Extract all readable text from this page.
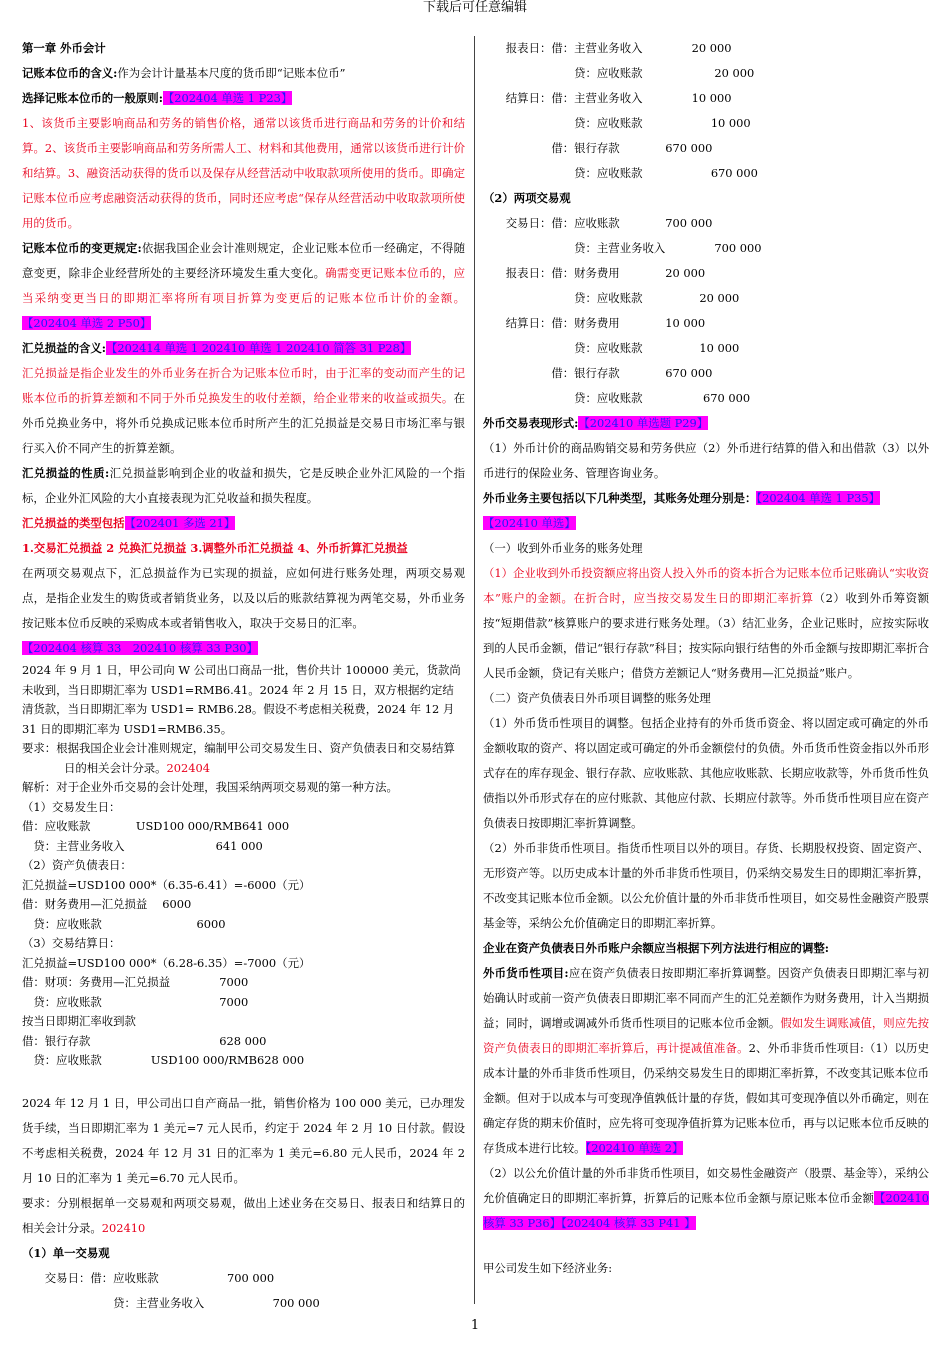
下载后可任意编辑

第一章 外币会计

记账本位币的含义:作为会计计量基本尺度的货币即“记账本位币”

选择记账本位币的一般原则:【202404 单选 1 P23】

1、该货币主要影响商品和劳务的销售价格，通常以该货币进行商品和劳务的计价和结算。2、该货币主要影响商品和劳务所需人工、材料和其他费用，通常以该货币进行计价和结算。3、融资活动获得的货币以及保存从经营活动中收取款项所使用的货币。即确定记账本位币应考虑融资活动获得的货币，同时还应考虑“保存从经营活动中收取款项所使用的货币。

记账本位币的变更规定:依据我国企业会计准则规定，企业记账本位币一经确定，不得随意变更，除非企业经营所处的主要经济环境发生重大变化。确需变更记账本位币的，应当采纳变更当日的即期汇率将所有项目折算为变更后的记账本位币计价的金额。【202404 单选 2 P50】

汇兑损益的含义:【202414 单选 1 202410 单选 1 202410 简答 31 P28】

汇兑损益是指企业发生的外币业务在折合为记账本位币时，由于汇率的变动而产生的记账本位币的折算差额和不同于外币兑换发生的收付差额，给企业带来的收益或损失。在外币兑换业务中，将外币兑换成记账本位币时所产生的汇兑损益是交易日市场汇率与银行买入价不同产生的折算差额。

汇兑损益的性质:汇兑损益影响到企业的收益和损失，它是反映企业外汇风险的一个指标，企业外汇风险的大小直接表现为汇兑收益和损失程度。

汇兑损益的类型包括【202401 多选 21】

1.交易汇兑损益 2 兑换汇兑损益 3.调整外币汇兑损益 4、外币折算汇兑损益

在两项交易观点下，汇总损益作为已实现的损益，应如何进行账务处理，两项交易观点，是指企业发生的购货或者销货业务，以及以后的账款结算视为两笔交易，外币业务按记账本位币反映的采购成本或者销售收入，取决于交易日的汇率。

【202404 核算 33　202410 核算 33 P30】

2024 年 9 月 1 日，甲公司向 W 公司出口商品一批，售价共计 100000 美元，货款尚未收到，当日即期汇率为 USD1=RMB6.41。2024 年 2 月 15 日，双方根据约定结清货款，当日即期汇率为 USD1= RMB6.28。假设不考虑相关税费，2024 年 12 月 31 日的即期汇率为 USD1=RMB6.35。

要求：根据我国企业会计准则规定，编制甲公司交易发生日、资产负债表日和交易结算日的相关会计分录。202404

解析：对于企业外币交易的会计处理，我国采纳两项交易观的第一种方法。

（1）交易发生日：

借：应收账款　　　　USD100 000/RMB641 000

　贷：主营业务收入　　　　　　　　641 000

（2）资产负债表日：

汇兑损益=USD100 000*（6.35-6.41）=-6000（元）

借：财务费用—汇兑损益　 6000

　贷：应收账款　　　　　　　　 6000

（3）交易结算日：

汇兑损益=USD100 000*（6.28-6.35）=-7000（元）

借：财项：务费用—汇兑损益　　　　 7000

　贷：应收账款　　　　　　　　　　 7000

按当日即期汇率收到款

借：银行存款　　　　　　　　　　　 628 000

　贷：应收账款　　　　 USD100 000/RMB628 000

2024 年 12 月 1 日，甲公司出口自产商品一批，销售价格为 100 000 美元，已办理发货手续，当日即期汇率为 1 美元=7 元人民币，约定于 2024 年 2 月 10 日付款。假设不考虑相关税费，2024 年 12 月 31 日的汇率为 1 美元=6.80 元人民币，2024 年 2 月 10 日的汇率为 1 美元=6.70 元人民币。

要求：分别根据单一交易观和两项交易观，做出上述业务在交易日、报表日和结算日的相关会计分录。202410

（1）单一交易观

　　交易日：借：应收账款　　　　　　700 000

　　　　　　　　贷：主营业务收入　　　　　　700 000

　　报表日：借：主营业务收入　　　　 20 000

　　　　　　　　贷：应收账款　　　　　　 20 000

　　结算日：借：主营业务收入　　　　 10 000

　　　　　　　　贷：应收账款　　　　　　10 000

　　　　　　借：银行存款　　　　670 000

　　　　　　　　贷：应收账款　　　　　　670 000

（2）两项交易观

　　交易日：借：应收账款　　　　700 000

　　　　　　　　贷：主营业务收入　　　　 700 000

　　报表日：借：财务费用　　　　20 000

　　　　　　　　贷：应收账款　　　　　20 000

　　结算日：借：财务费用　　　　10 000

　　　　　　　　贷：应收账款　　　　　10 000

　　　　　　借：银行存款　　　　670 000

　　　　　　　　贷：应收账款　　　　　 670 000

外币交易表现形式:【202410 单选题 P29】

（1）外币计价的商品购销交易和劳务供应（2）外币进行结算的借入和出借款（3）以外币进行的保险业务、管理咨询业务。

外币业务主要包括以下几种类型，其账务处理分别是：【202404 单选 1 P35】

【202410 单选】

（一）收到外币业务的账务处理

（1）企业收到外币投资额应将出资人投入外币的资本折合为记账本位币记账确认“实收资本”账户的金额。在折合时，应当按交易发生日的即期汇率折算（2）收到外币筹资额按“短期借款”核算账户的要求进行账务处理。（3）结汇业务，企业记账时，应按实际收到的人民币金额，借记“银行存款”科目；按实际向银行结售的外币金额与按即期汇率折合人民币金额，贷记有关账户；借贷方差额记人“财务费用—汇兑损益”账户。

（二）资产负债表日外币项目调整的账务处理

（1）外币货币性项目的调整。包括企业持有的外币货币资金、将以固定或可确定的外币金额收取的资产、将以固定或可确定的外币金额偿付的负债。外币货币性资金指以外币形式存在的库存现金、银行存款、应收账款、其他应收账款、长期应收款等，外币货币性负债指以外币形式存在的应付账款、其他应付款、长期应付款等。外币货币性项目应在资产负债表日按即期汇率折算调整。

（2）外币非货币性项目。指货币性项目以外的项目。存货、长期股权投资、固定资产、无形资产等。以历史成本计量的外币非货币性项目，仍采纳交易发生日的即期汇率折算，不改变其记账本位币金额。以公允价值计量的外币非货币性项目，如交易性金融资产股票基金等，采纳公允价值确定日的即期汇率折算。

企业在资产负债表日外币账户余额应当根据下列方法进行相应的调整:

外币货币性项目:应在资产负债表日按即期汇率折算调整。因资产负债表日即期汇率与初始确认时或前一资产负债表日即期汇率不同而产生的汇兑差额作为财务费用，计入当期损益；同时，调增或调减外币货币性项目的记账本位币金额。假如发生调账减值，则应先按资产负债表日的即期汇率折算后，再计提减值准备。2、外币非货币性项目:（1）以历史成本计量的外币非货币性项目，仍采纳交易发生日的即期汇率折算，不改变其记账本位币金额。但对于以成本与可变现净值孰低计量的存货，假如其可变现净值以外币确定，则在确定存货的期末价值时，应先将可变现净值折算为记账本位币，再与以记账本位币反映的存货成本进行比较。【202410 单选 2】

（2）以公允价值计量的外币非货币性项目，如交易性金融资产（股票、基金等），采纳公允价值确定日的即期汇率折算，折算后的记账本位币金额与原记账本位币金额【202410 核算 33 P36】【202404 核算 33 P41 】

甲公司发生如下经济业务:

1
